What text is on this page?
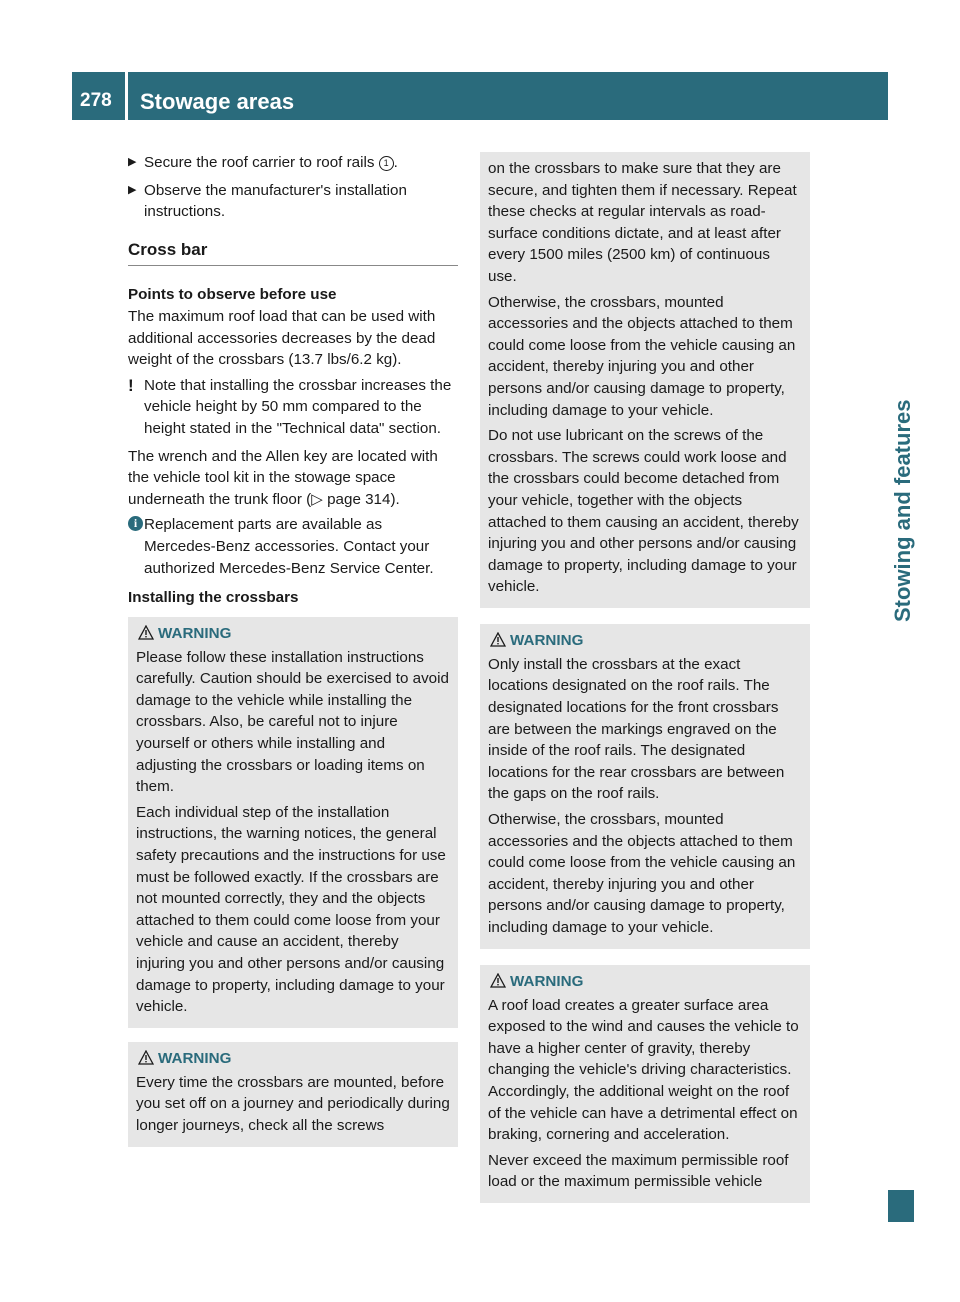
278	Stowage areas
Stowing and features
▶ Secure the roof carrier to roof rails 1 .
▶ Observe the manufacturer's installation instructions.
Cross bar
Points to observe before use

The maximum roof load that can be used with additional accessories decreases by the dead weight of the crossbars (13.7 lbs/6.2 kg).

! Note that installing the crossbar increases the vehicle height by 50 mm compared to the height stated in the "Technical data" section.

The wrench and the Allen key are located with the vehicle tool kit in the stowage space underneath the trunk floor (▷ page 314).

i Replacement parts are available as Mercedes-Benz accessories. Contact your authorized Mercedes-Benz Service Center.
Installing the crossbars
WARNING

Please follow these installation instructions carefully. Caution should be exercised to avoid damage to the vehicle while installing the crossbars. Also, be careful not to injure yourself or others while installing and adjusting the crossbars or loading items on them.

Each individual step of the installation instructions, the warning notices, the general safety precautions and the instructions for use must be followed exactly. If the crossbars are not mounted correctly, they and the objects attached to them could come loose from your vehicle and cause an accident, thereby injuring you and other persons and/or causing damage to property, including damage to your vehicle.

WARNING

Every time the crossbars are mounted, before you set off on a journey and periodically during longer journeys, check all the screws

on the crossbars to make sure that they are secure, and tighten them if necessary. Repeat these checks at regular intervals as road-surface conditions dictate, and at least after every 1500 miles (2500 km) of continuous use.

Otherwise, the crossbars, mounted accessories and the objects attached to them could come loose from the vehicle causing an accident, thereby injuring you and other persons and/or causing damage to property, including damage to your vehicle.

Do not use lubricant on the screws of the crossbars. The screws could work loose and the crossbars could become detached from your vehicle, together with the objects attached to them causing an accident, thereby injuring you and other persons and/or causing damage to property, including damage to your vehicle.

WARNING

Only install the crossbars at the exact locations designated on the roof rails. The designated locations for the front crossbars are between the markings engraved on the inside of the roof rails. The designated locations for the rear crossbars are between the gaps on the roof rails.

Otherwise, the crossbars, mounted accessories and the objects attached to them could come loose from the vehicle causing an accident, thereby injuring you and other persons and/or causing damage to property, including damage to your vehicle.

WARNING

A roof load creates a greater surface area exposed to the wind and causes the vehicle to have a higher center of gravity, thereby changing the vehicle's driving characteristics. Accordingly, the additional weight on the roof of the vehicle can have a detrimental effect on braking, cornering and acceleration.

Never exceed the maximum permissible roof load or the maximum permissible vehicle
